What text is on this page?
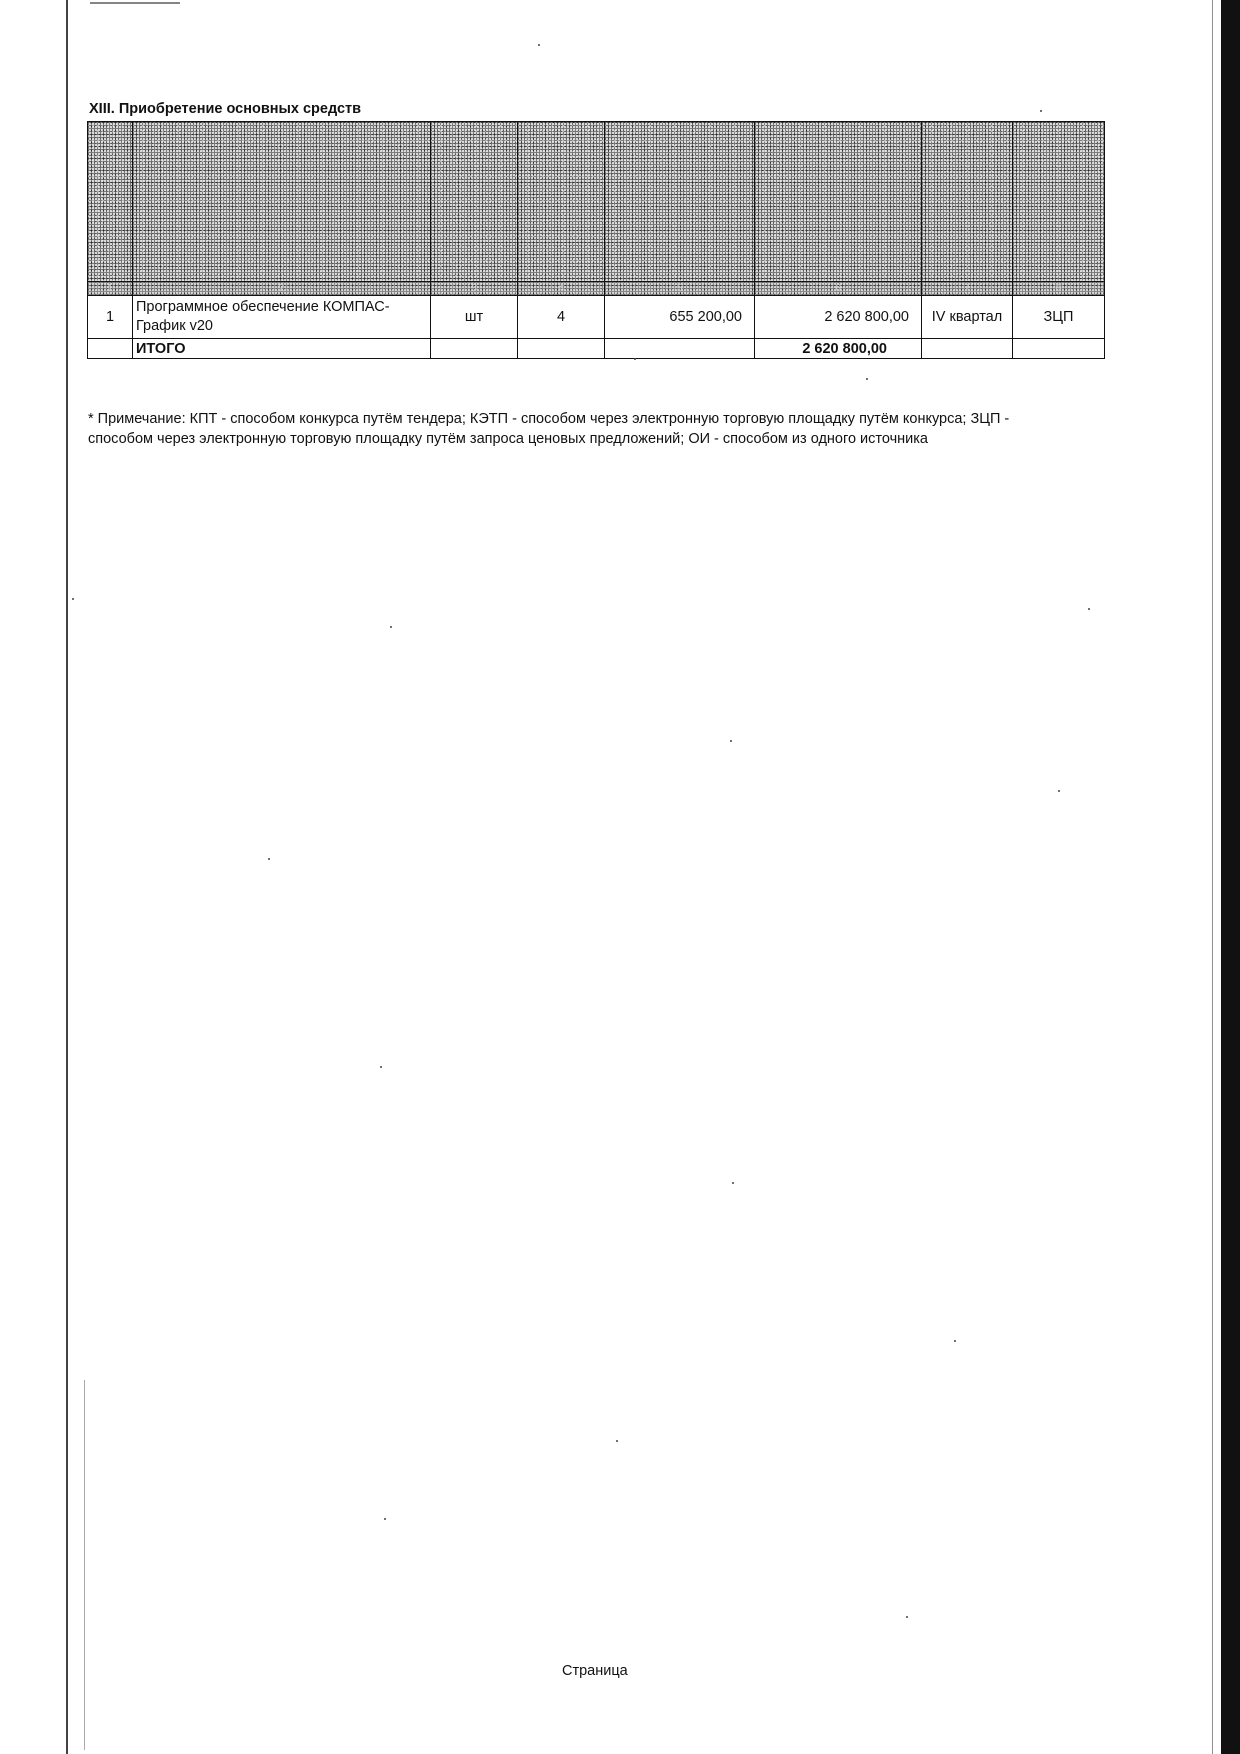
XIII. Приобретение основных средств

1	2	3	4	5	6	7	8
1	Программное обеспечение КОМПАС-График v20	шт	4	655 200,00	2 620 800,00	IV квартал	ЗЦП
	ИТОГО				2 620 800,00		
* Примечание: КПТ - способом конкурса путём тендера; КЭТП - способом через электронную торговую площадку путём конкурса; ЗЦП - способом через электронную торговую площадку путём запроса ценовых предложений; ОИ - способом из одного источника
Страница
